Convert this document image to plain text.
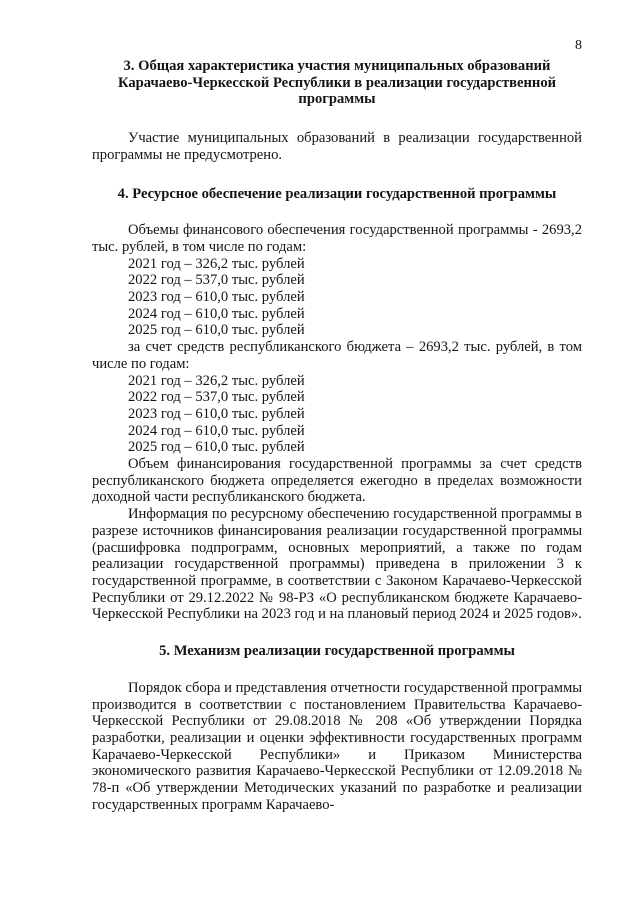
8

3. Общая характеристика участия муниципальных образований Карачаево-Черкесской Республики в реализации государственной программы

Участие муниципальных образований в реализации государственной программы не предусмотрено.

4. Ресурсное обеспечение реализации государственной программы

Объемы финансового обеспечения государственной программы - 2693,2 тыс. рублей, в том числе по годам:

2021 год – 326,2 тыс. рублей

2022 год – 537,0 тыс. рублей

2023 год – 610,0 тыс. рублей

2024 год – 610,0 тыс. рублей

2025 год – 610,0 тыс. рублей

за счет средств республиканского бюджета – 2693,2 тыс. рублей, в том числе по годам:

2021 год – 326,2 тыс. рублей

2022 год – 537,0 тыс. рублей

2023 год – 610,0 тыс. рублей

2024 год – 610,0 тыс. рублей

2025 год – 610,0 тыс. рублей

Объем финансирования государственной программы за счет средств республиканского бюджета определяется ежегодно в пределах возможности доходной части республиканского бюджета.

Информация по ресурсному обеспечению государственной программы в разрезе источников финансирования реализации государственной программы (расшифровка подпрограмм, основных мероприятий, а также по годам реализации государственной программы) приведена в приложении 3 к государственной программе, в соответствии с Законом Карачаево-Черкесской Республики от 29.12.2022 № 98-РЗ «О республиканском бюджете Карачаево-Черкесской Республики на 2023 год и на плановый период 2024 и 2025 годов».

5. Механизм реализации государственной программы

Порядок сбора и представления отчетности государственной программы производится в соответствии с постановлением Правительства Карачаево-Черкесской Республики от 29.08.2018 № 208 «Об утверждении Порядка разработки, реализации и оценки эффективности государственных программ Карачаево-Черкесской Республики» и Приказом Министерства экономического развития Карачаево-Черкесской Республики от 12.09.2018 № 78-п «Об утверждении Методических указаний по разработке и реализации государственных программ Карачаево-
